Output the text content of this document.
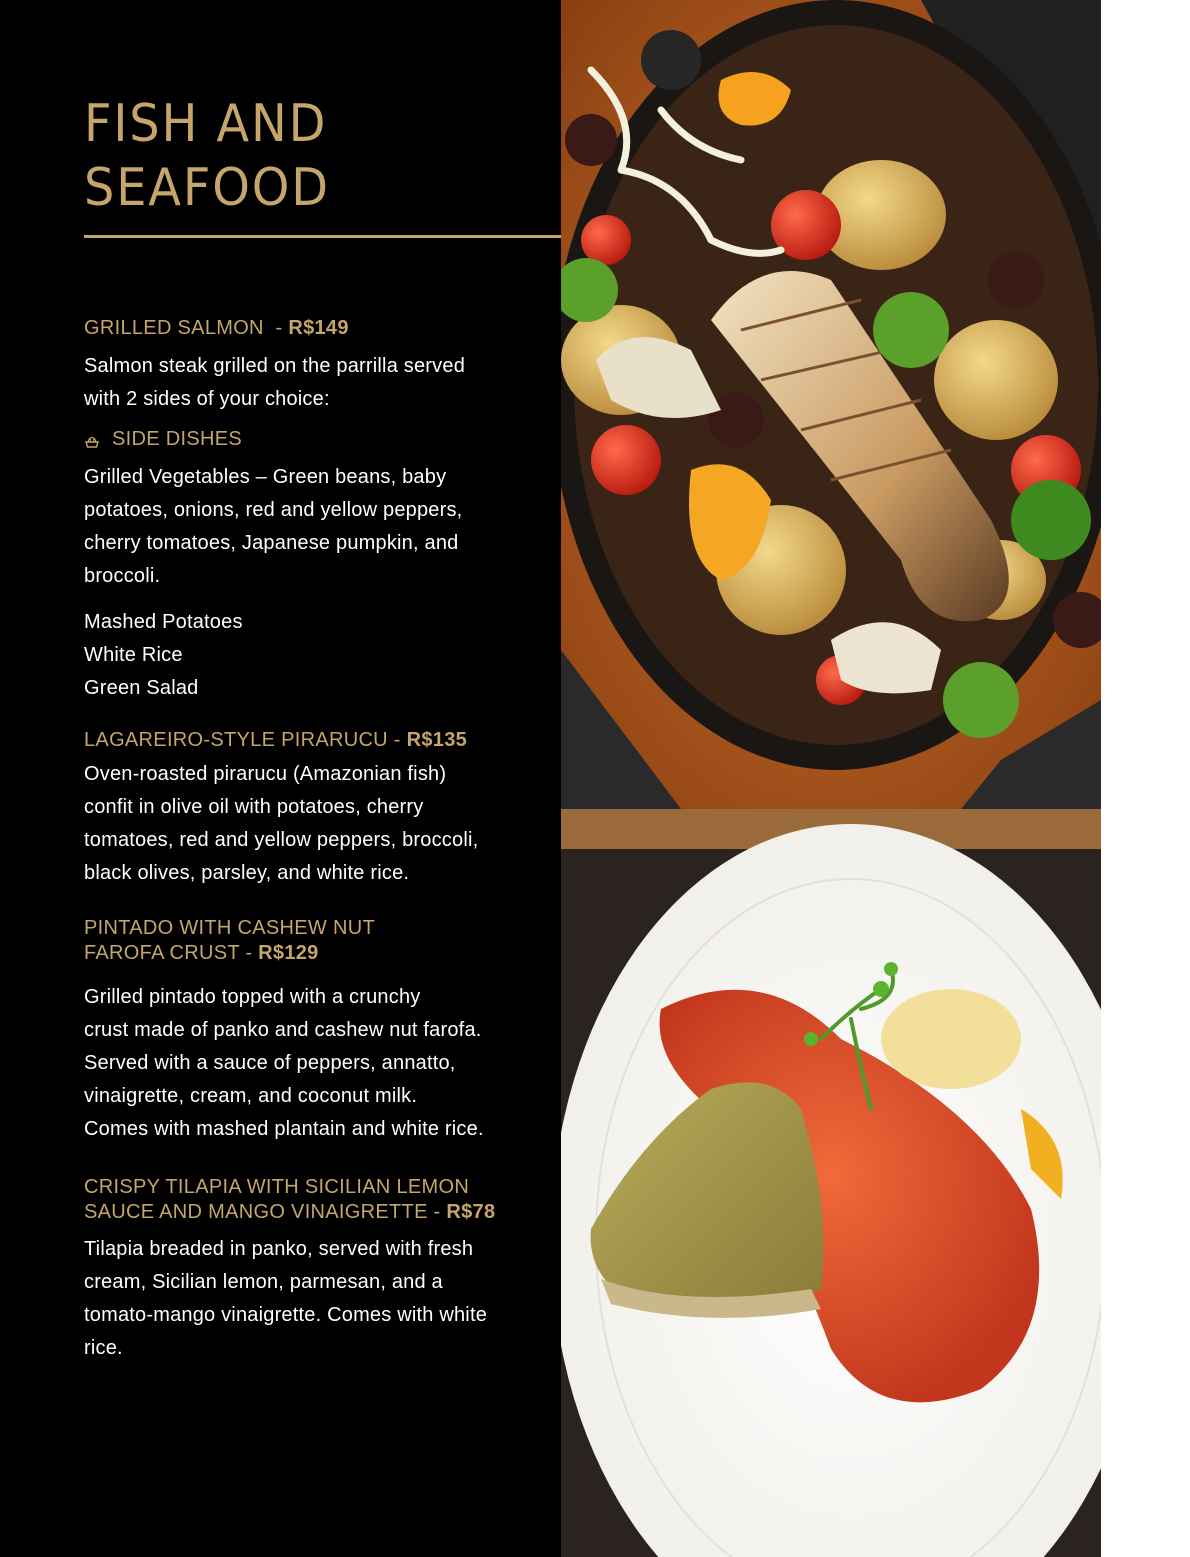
FISH AND
SEAFOOD
GRILLED SALMON  - R$149
Salmon steak grilled on the parrilla served
with 2 sides of your choice:
SIDE DISHES
Grilled Vegetables – Green beans, baby
potatoes, onions, red and yellow peppers,
cherry tomatoes, Japanese pumpkin, and
broccoli.
Mashed Potatoes
White Rice
Green Salad
LAGAREIRO-STYLE PIRARUCU - R$135
Oven-roasted pirarucu (Amazonian fish)
confit in olive oil with potatoes, cherry
tomatoes, red and yellow peppers, broccoli,
black olives, parsley, and white rice.
PINTADO WITH CASHEW NUT
FAROFA CRUST - R$129
Grilled pintado topped with a crunchy
crust made of panko and cashew nut farofa.
Served with a sauce of peppers, annatto,
vinaigrette, cream, and coconut milk.
Comes with mashed plantain and white rice.
CRISPY TILAPIA WITH SICILIAN LEMON
SAUCE AND MANGO VINAIGRETTE - R$78
Tilapia breaded in panko, served with fresh
cream, Sicilian lemon, parmesan, and a
tomato-mango vinaigrette. Comes with white
rice.
